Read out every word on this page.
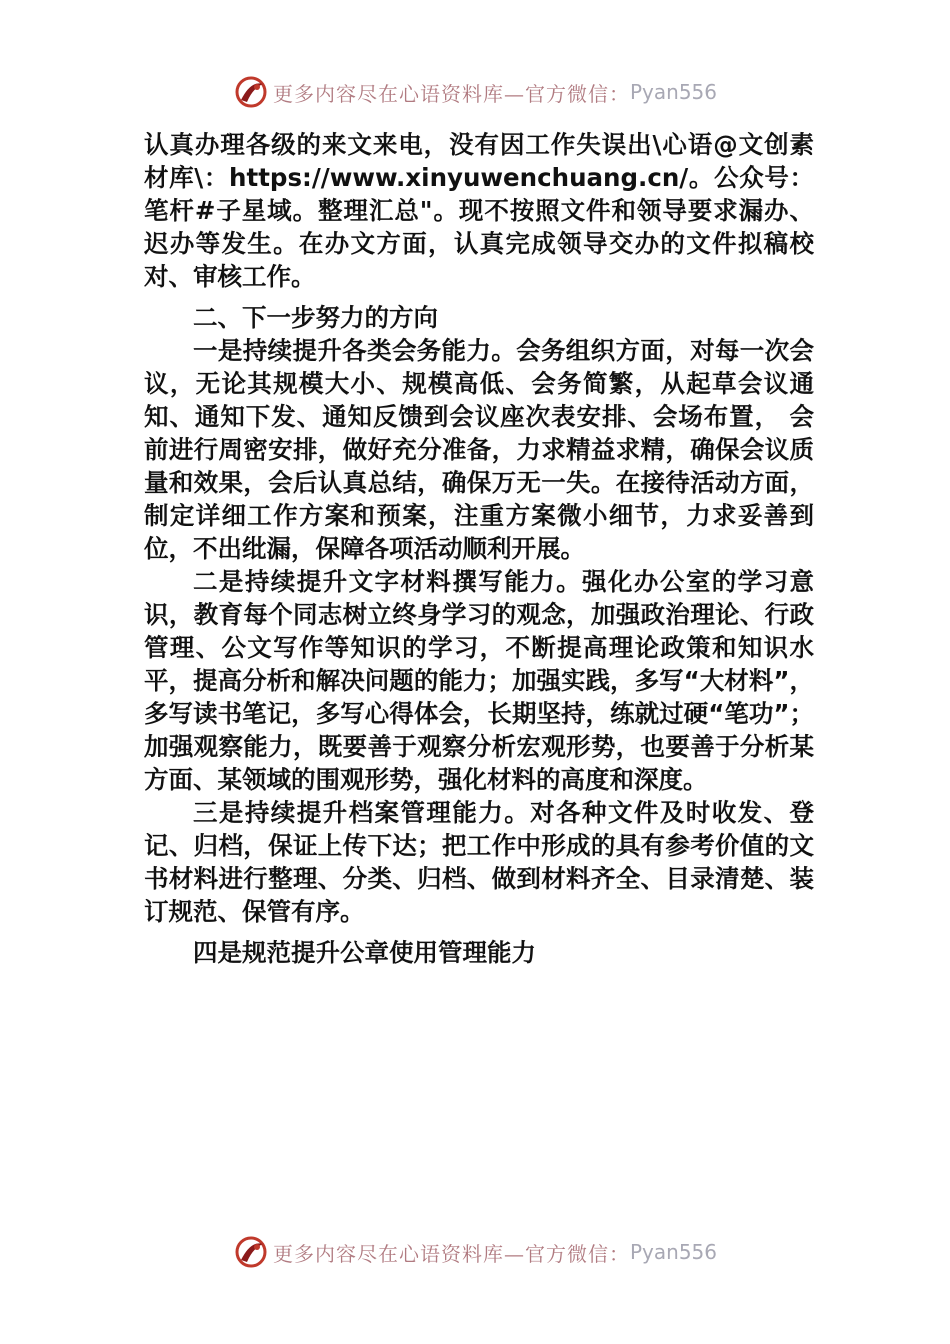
更多内容尽在心语资料库—官方微信： Pyan556

认真办理各级的来文来电，没有因工作失误出\心语@文创素材库\：https://www.xinyuwenchuang.cn/。公众号：笔杆#子星域。整理汇总"。现不按照文件和领导要求漏办、迟办等发生。在办文方面，认真完成领导交办的文件拟稿校对、审核工作。

二、下一步努力的方向

一是持续提升各类会务能力。会务组织方面，对每一次会议，无论其规模大小、规模高低、会务简繁，从起草会议通知、通知下发、通知反馈到会议座次表安排、会场布置， 会前进行周密安排，做好充分准备，力求精益求精，确保会议质量和效果，会后认真总结，确保万无一失。在接待活动方面，制定详细工作方案和预案，注重方案微小细节，力求妥善到位，不出纰漏，保障各项活动顺利开展。

二是持续提升文字材料撰写能力。强化办公室的学习意识，教育每个同志树立终身学习的观念，加强政治理论、行政管理、公文写作等知识的学习，不断提高理论政策和知识水平，提高分析和解决问题的能力；加强实践，多写“大材料”，多写读书笔记，多写心得体会，长期坚持，练就过硬“笔功”；加强观察能力，既要善于观察分析宏观形势，也要善于分析某方面、某领域的围观形势，强化材料的高度和深度。

三是持续提升档案管理能力。对各种文件及时收发、登记、归档，保证上传下达；把工作中形成的具有参考价值的文书材料进行整理、分类、归档、做到材料齐全、目录清楚、装订规范、保管有序。

四是规范提升公章使用管理能力

更多内容尽在心语资料库—官方微信： Pyan556
